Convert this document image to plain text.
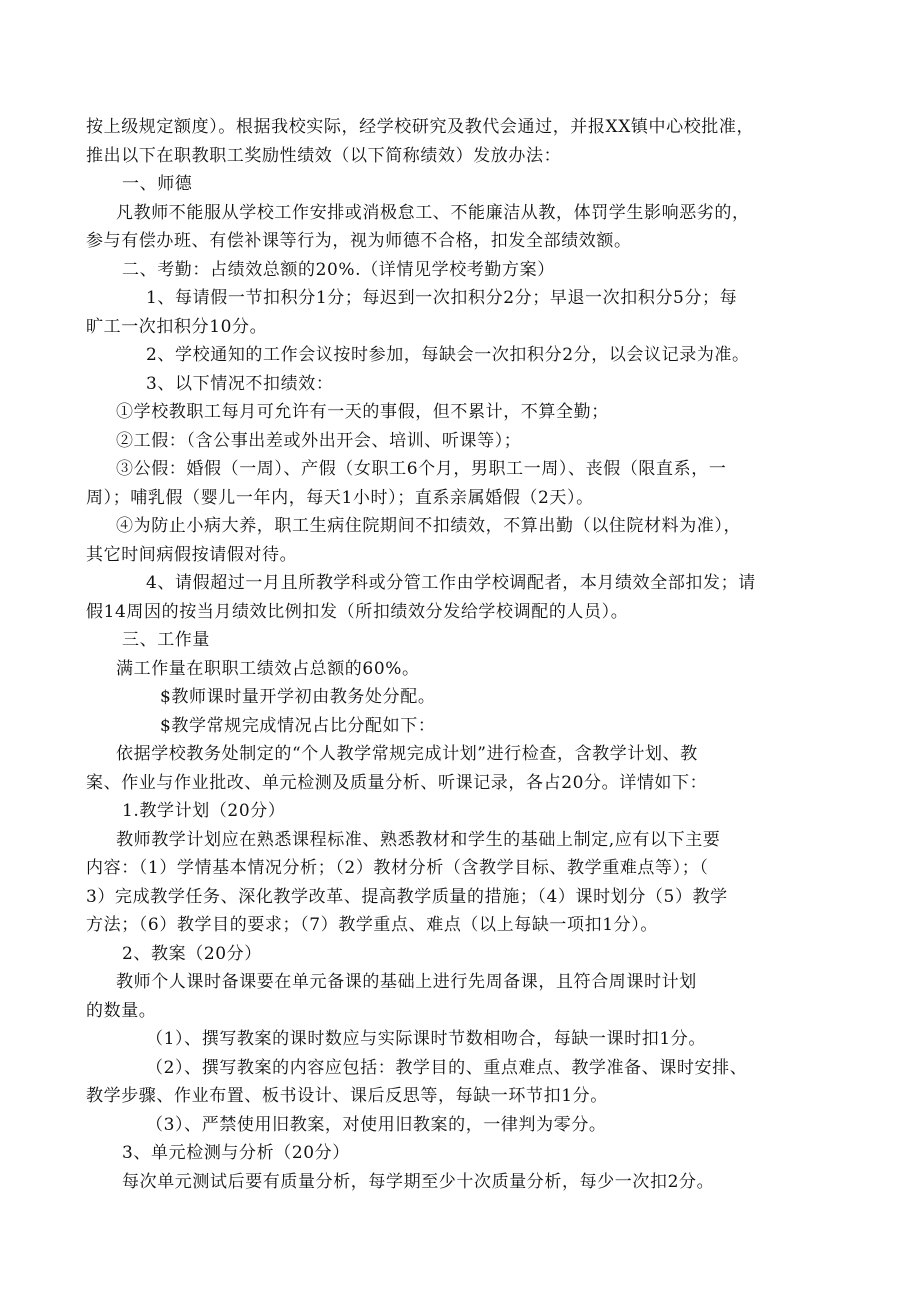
按上级规定额度）。根据我校实际，经学校研究及教代会通过，并报XX镇中心校批准，
推出以下在职教职工奖励性绩效（以下简称绩效）发放办法：
一、师德
凡教师不能服从学校工作安排或消极怠工、不能廉洁从教，体罚学生影响恶劣的，
参与有偿办班、有偿补课等行为，视为师德不合格，扣发全部绩效额。
二、考勤：占绩效总额的20%.（详情见学校考勤方案）
1、每请假一节扣积分1分；每迟到一次扣积分2分；早退一次扣积分5分；每
旷工一次扣积分10分。
2、学校通知的工作会议按时参加，每缺会一次扣积分2分，以会议记录为准。
3、以下情况不扣绩效：
①学校教职工每月可允许有一天的事假，但不累计，不算全勤；
②工假：（含公事出差或外出开会、培训、听课等）；
③公假：婚假（一周）、产假（女职工6个月，男职工一周）、丧假（限直系，一
周）；哺乳假（婴儿一年内，每天1小时）；直系亲属婚假（2天）。
④为防止小病大养，职工生病住院期间不扣绩效，不算出勤（以住院材料为准），
其它时间病假按请假对待。
4、请假超过一月且所教学科或分管工作由学校调配者，本月绩效全部扣发；请
假14周因的按当月绩效比例扣发（所扣绩效分发给学校调配的人员）。
三、工作量
满工作量在职职工绩效占总额的60%。
$教师课时量开学初由教务处分配。
$教学常规完成情况占比分配如下：
依据学校教务处制定的“个人教学常规完成计划”进行检查，含教学计划、教
案、作业与作业批改、单元检测及质量分析、听课记录，各占20分。详情如下：
1.教学计划（20分）
教师教学计划应在熟悉课程标准、熟悉教材和学生的基础上制定,应有以下主要
内容：（1）学情基本情况分析；（2）教材分析（含教学目标、教学重难点等）；（
3）完成教学任务、深化教学改革、提高教学质量的措施；（4）课时划分（5）教学
方法；（6）教学目的要求；（7）教学重点、难点（以上每缺一项扣1分）。
2、教案（20分）
教师个人课时备课要在单元备课的基础上进行先周备课，且符合周课时计划
的数量。
（1）、撰写教案的课时数应与实际课时节数相吻合，每缺一课时扣1分。
（2）、撰写教案的内容应包括：教学目的、重点难点、教学准备、课时安排、
教学步骤、作业布置、板书设计、课后反思等，每缺一环节扣1分。
（3）、严禁使用旧教案，对使用旧教案的，一律判为零分。
3、单元检测与分析（20分）
每次单元测试后要有质量分析，每学期至少十次质量分析，每少一次扣2分。
